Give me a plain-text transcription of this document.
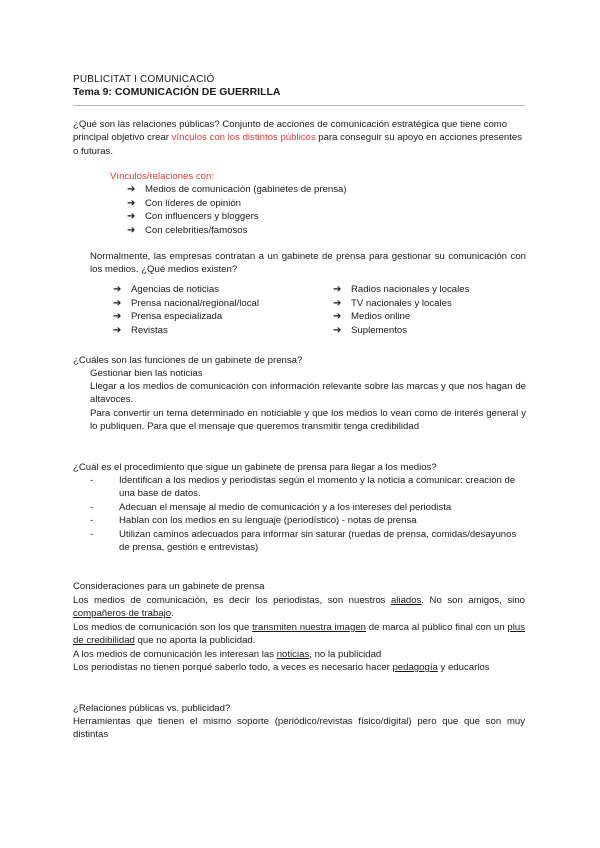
PUBLICITAT I COMUNICACIÓ
Tema 9: COMUNICACIÓN DE GUERRILLA
¿Qué son las relaciones públicas? Conjunto de acciones de comunicación estratégica que tiene como principal objetivo crear vínculos con los distintos públicos para conseguir su apoyo en acciones presentes o futuras.
Vínculos/relaciones con:
➔	Medios de comunicación (gabinetes de prensa)
➔	Con líderes de opinión
➔	Con influencers y bloggers
➔	Con celebrities/famosos
Normalmente, las empresas contratan a un gabinete de prensa para gestionar su comunicación con los medios. ¿Qué medios existen?
➔	Agencias de noticias
➔	Prensa nacional/regional/local
➔	Prensa especializada
➔	Revistas
➔	Radios nacionales y locales
➔	TV nacionales y locales
➔	Medios online
➔	Suplementos
¿Cuáles son las funciones de un gabinete de prensa?
Gestionar bien las noticias
Llegar a los medios de comunicación con información relevante sobre las marcas y que nos hagan de altavoces.
Para convertir un tema determinado en noticiable y que los medios lo vean como de interés general y lo publiquen. Para que el mensaje que queremos transmitir tenga credibilidad
¿Cuál es el procedimiento que sigue un gabinete de prensa para llegar a los medios?
-	Identifican a los medios y periodistas según el momento y la noticia a comunicar: creación de una base de datos.
-	Adecuan el mensaje al medio de comunicación y a los intereses del periodista
-	Hablan con los medios en su lenguaje (periodístico) - notas de prensa
-	Utilizan caminos adecuados para informar sin saturar (ruedas de prensa, comidas/desayunos de prensa, gestión e entrevistas)
Consideraciones para un gabinete de prensa
Los medios de comunicación, es decir los periodistas, son nuestros aliados. No son amigos, sino compañeros de trabajo.
Los medios de comunicación son los que transmiten nuestra imagen de marca al público final con un plus de credibilidad que no aporta la publicidad.
A los medios de comunicación les interesan las noticias, no la publicidad
Los periodistas no tienen porqué saberlo todo, a veces es necesario hacer pedagogía y educarlos
¿Relaciones públicas vs. publicidad?
Herramientas que tienen el mismo soporte (periódico/revistas físico/digital) pero que que son muy distintas
